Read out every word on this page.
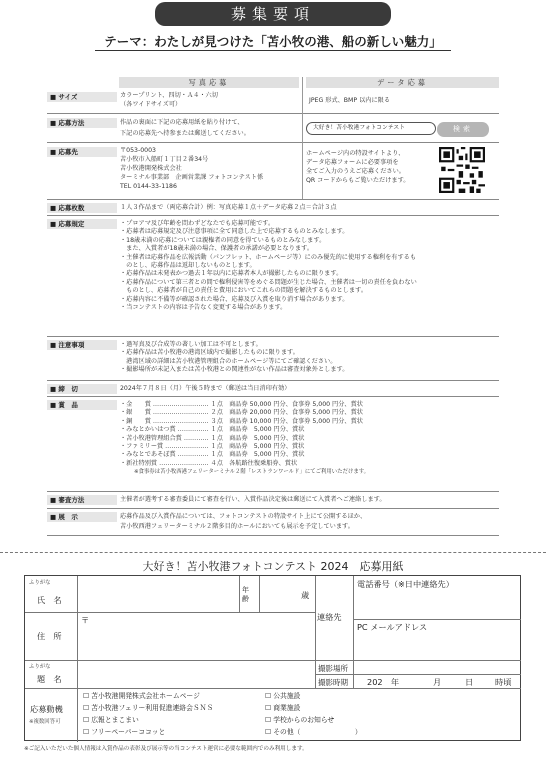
募集要項
テーマ：わたしが見つけた「苫小牧の港、船の新しい魅力」
写真応募	データ応募
■ サイズ	カラープリント、四切・Ａ４・六切
（各ワイドサイズ可）
JPEG 形式、BMP 以内に限る
■ 応募方法	作品の裏面に下記の応募用紙を貼り付けて、
下記の応募先へ持参または郵送してください。
大好き！苫小牧港フォトコンテスト	検索
■ 応募先	〒053-0003
苫小牧市入船町１丁目２番34号
苫小牧港開発株式会社
ターミナル事業部　企画営業課 フォトコンテスト係
TEL 0144-33-1186
ホームページ内の特設サイトより、
データ応募フォームに必要事項を
全てご入力のうえご応募ください。
QR コードからもご覧いただけます。
■ 応募枚数	１人３作品まで（両応募合計）例：写真応募１点＋データ応募２点＝合計３点
■ 応募規定	・プロアマ及び年齢を問わずどなたでも応募可能です。
・応募者は応募規定及び注意事項に全て同意した上で応募するものとみなします。
・18歳未満の応募については親権者の同意を得ているものとみなします。
　また、入賞者が18歳未満の場合、保護者の承諾が必要となります。
・主催者は応募作品を広報活動（パンフレット、ホームページ等）にのみ優先的に使用する権利を有するも
　のとし、応募作品は返却しないものとします。
・応募作品は未発表かつ過去１年以内に応募者本人が撮影したものに限ります。
・応募作品について第三者との間で権利侵害等をめぐる問題が生じた場合、主催者は一切の責任を負わない
　ものとし、応募者が自己の責任と費用においてこれらの問題を解決するものとします。
・応募内容に不備等が確認された場合、応募及び入賞を取り消す場合があります。
・当コンテストの内容は予告なく変更する場合があります。
■ 注意事項	・過写真及び合成等の著しい加工は不可とします。
・応募作品は苫小牧港の港湾区域内で撮影したものに限ります。
　港湾区域の詳細は苫小牧港管理組合のホームページ等にてご確認ください。
・撮影場所が未記入または苫小牧港との関連性がない作品は審査対象外とします。
■ 締　切	2024年７月８日（月）午後５時まで（郵送は当日消印有効）
■ 賞　品	・金　　賞 ……………………… １点　商品券 50,000 円分、食事券 5,000 円分、賞状
・銀　　賞 ……………………… ２点　商品券 20,000 円分、食事券 5,000 円分、賞状
・銅　　賞 ……………………… ３点　商品券 10,000 円分、食事券 5,000 円分、賞状
・みなとかいはつ賞 …………… １点　商品券　5,000 円分、賞状
・苫小牧港管理組合賞 ………… １点　商品券　5,000 円分、賞状
・ファミリー賞 ………………… １点　商品券　5,000 円分、賞状
・みなとであそぼ賞 …………… １点　商品券　5,000 円分、賞状
・新社特別賞 …………………… ４点　各航路往復乗船券、賞状
※食事券は苫小牧西港フェリーターミナル２階「レストランワールド」にてご利用いただけます。
■ 審査方法	主催者が選考する審査委員にて審査を行い、入賞作品決定後は郵送にて入賞者へご連絡します。
■ 展　示	応募作品及び入賞作品については、フォトコンテストの特設サイト上にて公開するほか、
苫小牧西港フェリーターミナル２階多目的ホールにおいても展示を予定しています。
大好き！苫小牧港フォトコンテスト 2024　応募用紙
ふりがな
氏　名
年齢	歳
連絡先
電話番号（※日中連絡先）
PC メールアドレス
住　所
〒
ふりがな
題　名
撮影場所
撮影時期 202　年	月	日	時頃
応募動機
※複数回答可
☐ 苫小牧港開発株式会社ホームページ
☐ 苫小牧港フェリー利用促進連絡会ＳＮＳ
☐ 広報とまこまい
☐ フリーペーパーココッと
☐ 公共施設
☐ 商業施設
☐ 学校からのお知らせ
☐ その他（　　　　　　　　）
※ご記入いただいた個人情報は入賞作品の表彰及び展示等の当コンテスト運営に必要な範囲内でのみ利用します。
